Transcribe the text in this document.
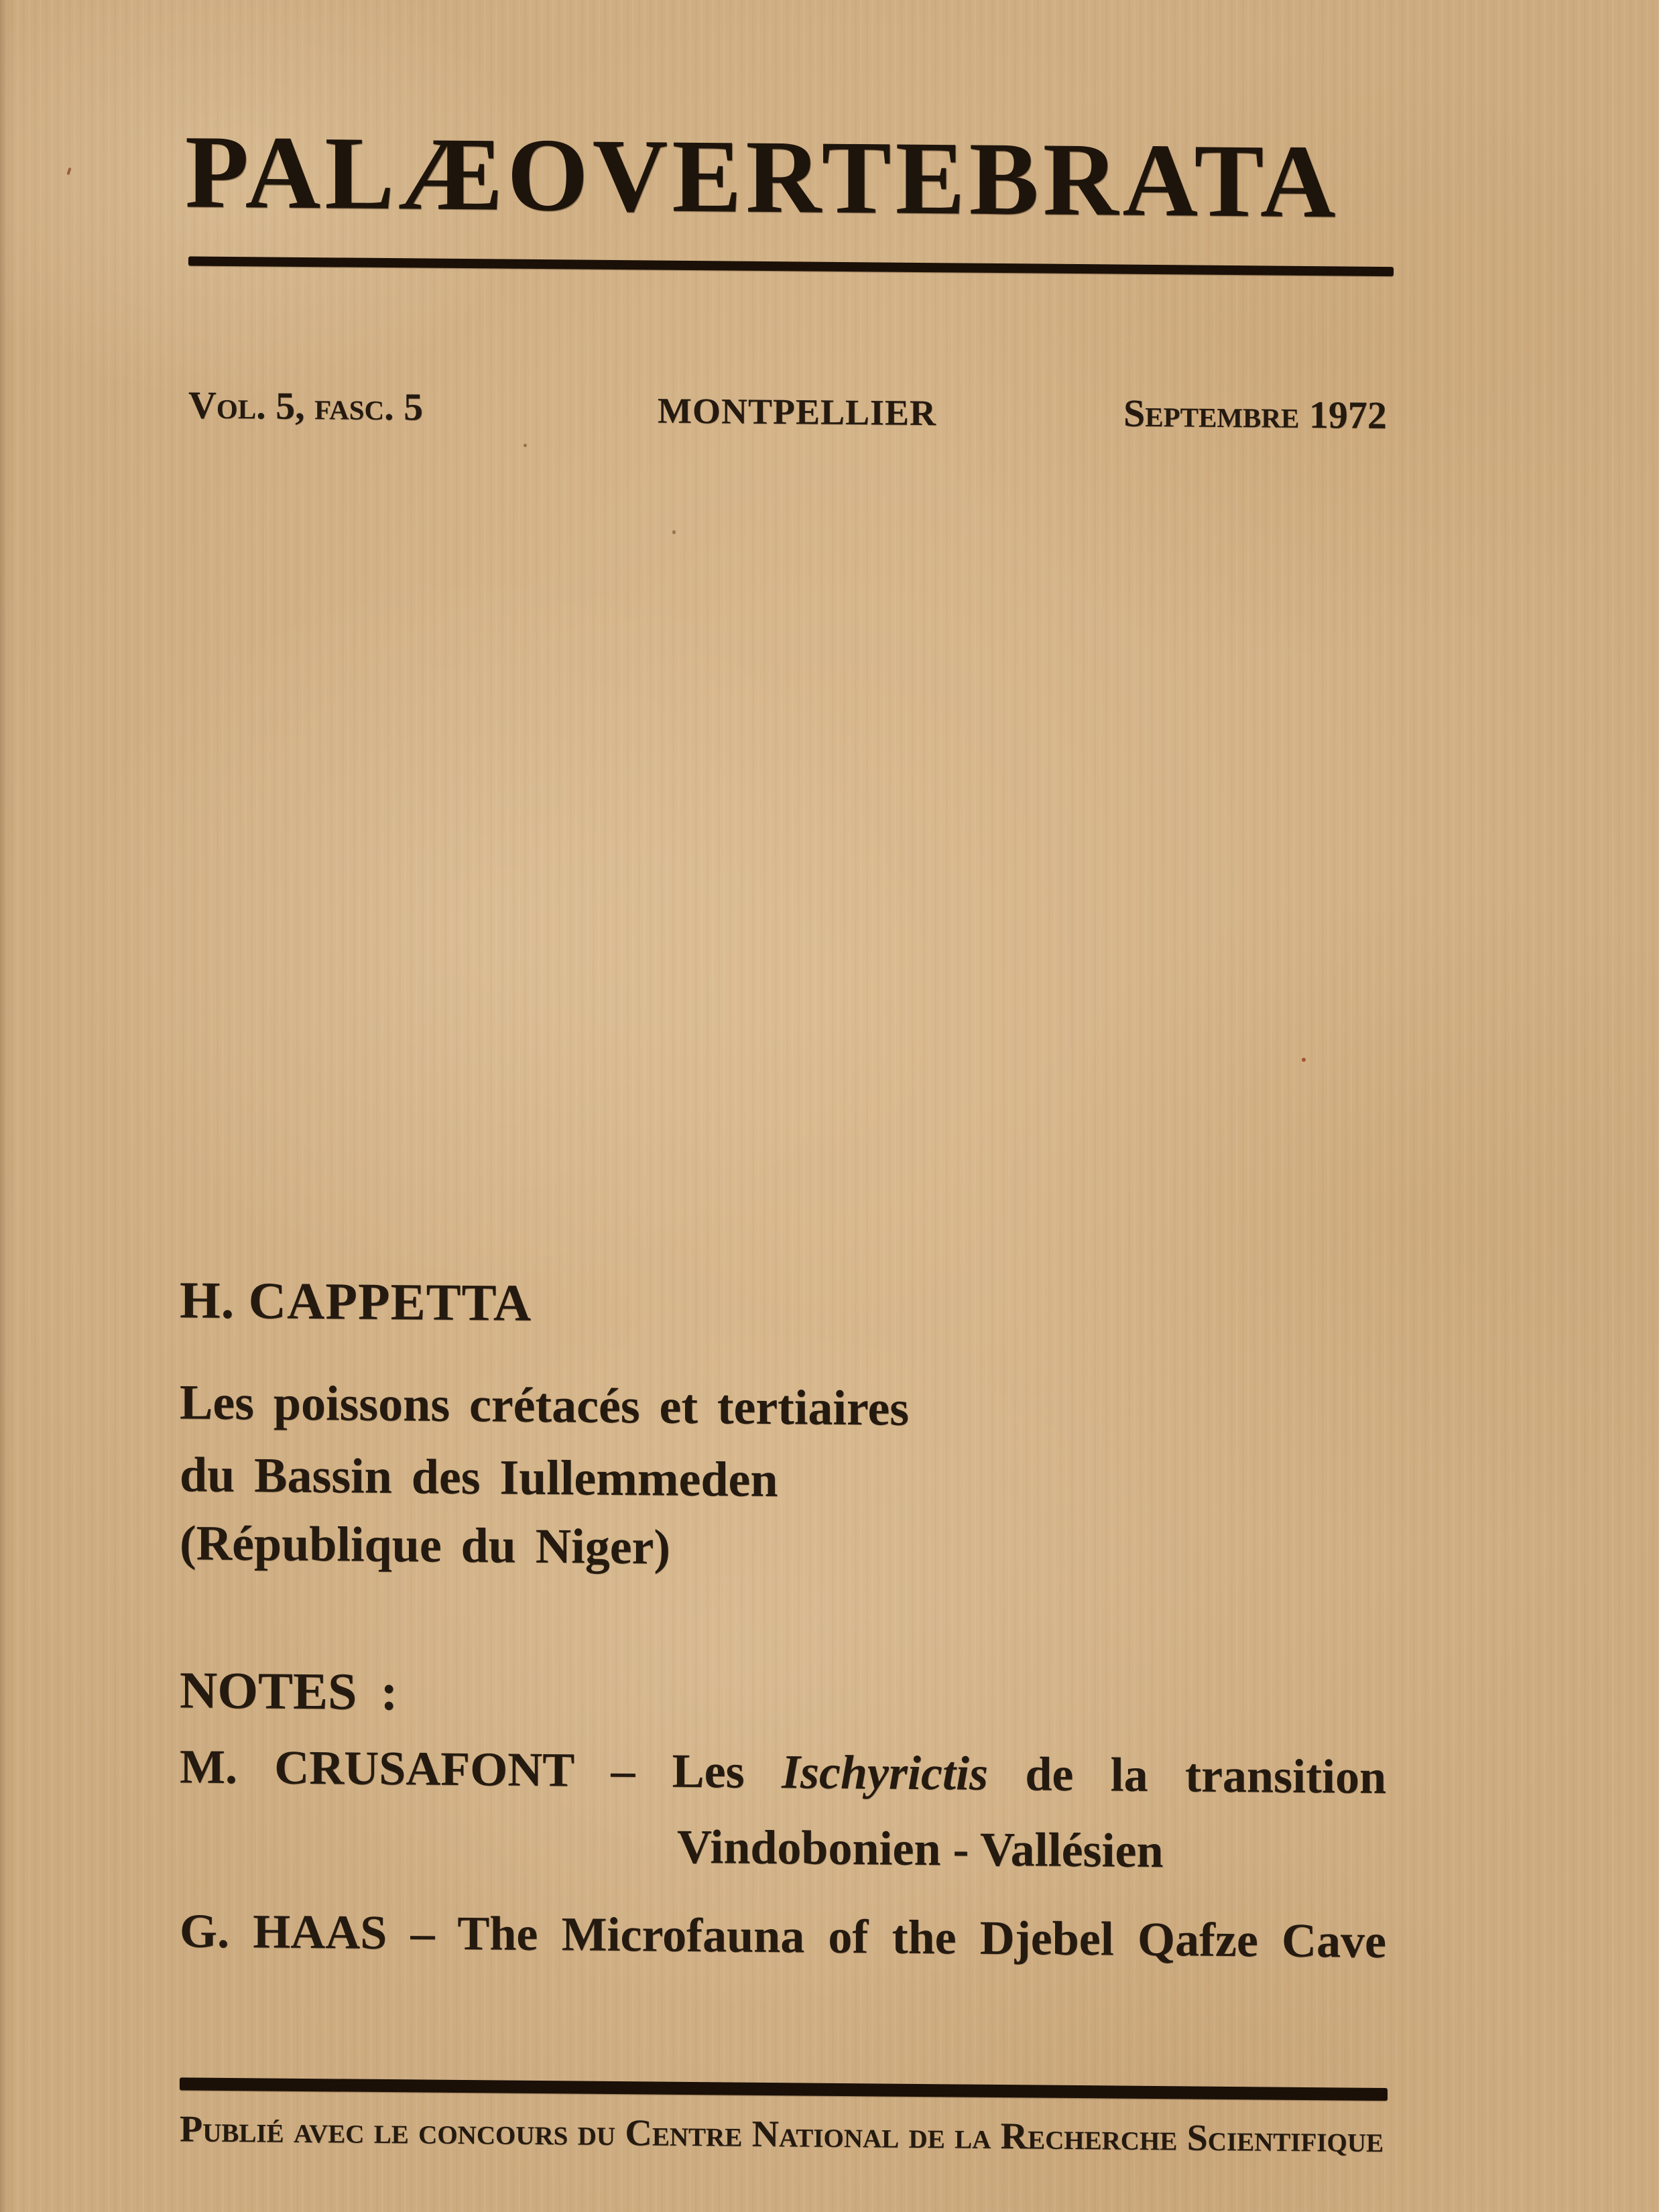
PALÆOVERTEBRATA
Vol. 5, fasc. 5	MONTPELLIER	Septembre 1972
H. CAPPETTA
Les poissons crétacés et tertiaires
du Bassin des Iullemmeden
(République du Niger)
NOTES :
M. CRUSAFONT – Les Ischyrictis de la transition
Vindobonien - Vallésien
G. HAAS – The Microfauna of the Djebel Qafze Cave
Publié avec le concours du Centre National de la Recherche Scientifique
